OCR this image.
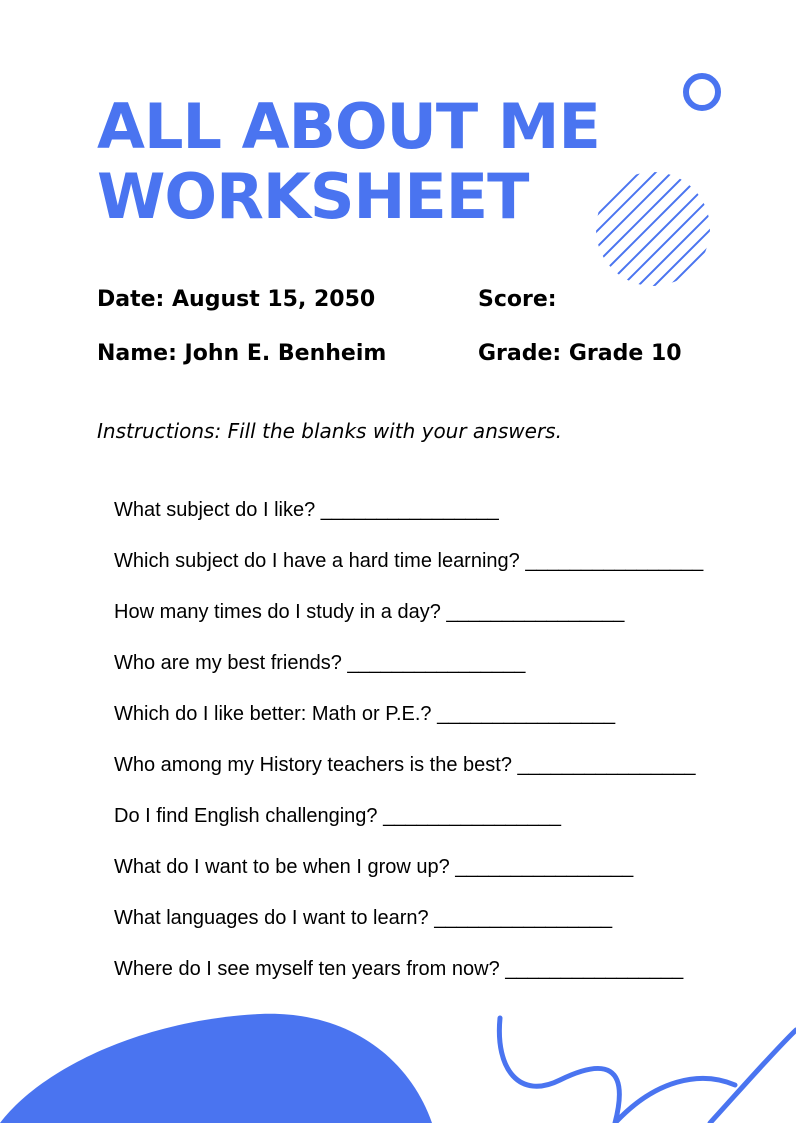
ALL ABOUT ME
WORKSHEET
Date: August 15, 2050	Score:
Name: John E. Benheim	Grade: Grade 10
Instructions: Fill the blanks with your answers.
What subject do I like? ________________
Which subject do I have a hard time learning? ________________
How many times do I study in a day? ________________
Who are my best friends? ________________
Which do I like better: Math or P.E.? ________________
Who among my History teachers is the best? ________________
Do I find English challenging? ________________
What do I want to be when I grow up? ________________
What languages do I want to learn? ________________
Where do I see myself ten years from now? ________________
